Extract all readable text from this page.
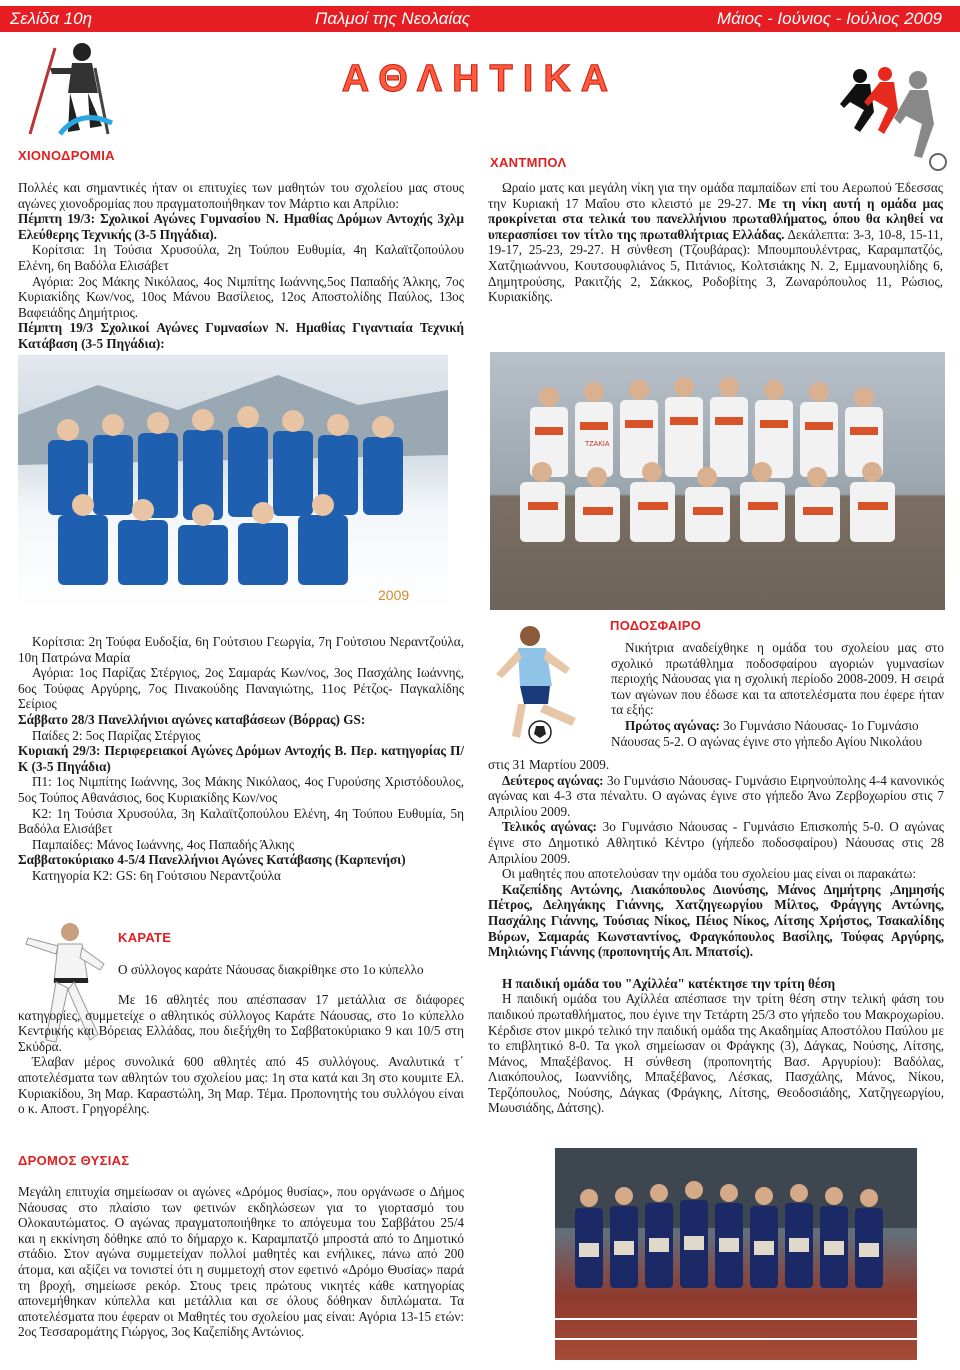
Σελίδα 10η	Παλμοί της Νεολαίας	Μάιος - Ιούνιος - Ιούλιος 2009
ΑΘΛΗΤΙΚΑ
ΧΙΟΝΟΔΡΟΜΙΑ

Πολλές και σημαντικές ήταν οι επιτυχίες των μαθητών του σχολείου μας στους αγώνες χιονοδρομίας που πραγματοποιήθηκαν τον Μάρτιο και Απρίλιο:

Πέμπτη 19/3: Σχολικοί Αγώνες Γυμνασίου Ν. Ημαθίας Δρόμων Αντοχής 3χλμ Ελεύθερης Τεχνικής (3-5 Πηγάδια).

Κορίτσια: 1η Τούσια Χρυσούλα, 2η Τούπου Ευθυμία, 4η Καλαϊτζοπούλου Ελένη, 6η Βαδόλα Ελισάβετ

Αγόρια: 2ος Μάκης Νικόλαος, 4ος Νιμπίτης Ιωάννης,5ος Παπαδής Άλκης, 7ος Κυριακίδης Κων/νος, 10ος Μάνου Βασίλειος, 12ος Αποστολίδης Παύλος, 13ος Βαφειάδης Δημήτριος.

Πέμπτη 19/3 Σχολικοί Αγώνες Γυμνασίων Ν. Ημαθίας Γιγαντιαία Τεχνική Κατάβαση (3-5 Πηγάδια):

2009

Κορίτσια: 2η Τούφα Ευδοξία, 6η Γούτσιου Γεωργία, 7η Γούτσιου Νεραντζούλα, 10η Πατρώνα Μαρία

Αγόρια: 1ος Παρίζας Στέργιος, 2ος Σαμαράς Κων/νος, 3ος Πασχάλης Ιωάννης, 6ος Τούφας Αργύρης, 7ος Πινακούδης Παναγιώτης, 11ος Ρέτζος- Παγκαλίδης Σείριος

Σάββατο 28/3 Πανελλήνιοι αγώνες καταβάσεων (Βόρρας) GS:

Παίδες 2: 5ος Παρίζας Στέργιος

Κυριακή 29/3: Περιφερειακοί Αγώνες Δρόμων Αντοχής Β. Περ. κατηγορίας Π/Κ (3-5 Πηγάδια)

Π1: 1ος Νιμπίτης Ιωάννης, 3ος Μάκης Νικόλαος, 4ος Γυρούσης Χριστόδουλος, 5ος Τούπος Αθανάσιος, 6ος Κυριακίδης Κων/νος

Κ2: 1η Τούσια Χρυσούλα, 3η Καλαϊτζοπούλου Ελένη, 4η Τούπου Ευθυμία, 5η Βαδόλα Ελισάβετ

Παμπαίδες: Μάνος Ιωάννης, 4ος Παπαδής Άλκης

Σαββατοκύριακο 4-5/4 Πανελλήνιοι Αγώνες Κατάβασης (Καρπενήσι)

Κατηγορία Κ2: GS: 6η Γούτσιου Νεραντζούλα

ΧΑΝΤΜΠΟΛ

Ωραίο ματς και μεγάλη νίκη για την ομάδα παμπαίδων επί του Αερωπού Έδεσσας την Κυριακή 17 Μαΐου στο κλειστό με 29-27. Με τη νίκη αυτή η ομάδα μας προκρίνεται στα τελικά του πανελλήνιου πρωταθλήματος, όπου θα κληθεί να υπερασπίσει τον τίτλο της πρωταθλήτριας Ελλάδας. Δεκάλεπτα: 3-3, 10-8, 15-11, 19-17, 25-23, 29-27. Η σύνθεση (Τζουβάρας): Μπουμπουλέντρας, Καραμπατζός, Χατζηιωάννου, Κουτσουφλιάνος 5, Πιτάνιος, Κολτσιάκης Ν. 2, Εμμανουηλίδης 6, Δημητρούσης, Ρακιτζής 2, Σάκκος, Ροδοβίτης 3, Ζωναρόπουλος 11, Ρώσιος, Κυριακίδης.

ΤΖΑΚΙΑ
ΠΟΔΟΣΦΑΙΡΟ

Νικήτρια αναδείχθηκε η ομάδα του σχολείου μας στο σχολικό πρωτάθλημα ποδοσφαίρου αγοριών γυμνασίων περιοχής Νάουσας για η σχολική περίοδο 2008-2009. Η σειρά των αγώνων που έδωσε και τα αποτελέσματα που έφερε ήταν τα εξής:

Πρώτος αγώνας: 3ο Γυμνάσιο Νάουσας- 1ο Γυμνάσιο

Νάουσας 5-2. Ο αγώνας έγινε στο γήπεδο Αγίου Νικολάου

στις 31 Μαρτίου 2009.

Δεύτερος αγώνας: 3ο Γυμνάσιο Νάουσας- Γυμνάσιο Ειρηνούπολης 4-4 κανονικός αγώνας και 4-3 στα πέναλτυ. Ο αγώνας έγινε στο γήπεδο Άνω Ζερβοχωρίου στις 7 Απριλίου 2009.

Τελικός αγώνας: 3ο Γυμνάσιο Νάουσας - Γυμνάσιο Επισκοπής 5-0. Ο αγώνας έγινε στο Δημοτικό Αθλητικό Κέντρο (γήπεδο ποδοσφαίρου) Νάουσας στις 28 Απριλίου 2009.

Οι μαθητές που αποτελούσαν την ομάδα του σχολείου μας είναι οι παρακάτω:

Καζεπίδης Αντώνης, Λιακόπουλος Διονύσης, Μάνος Δημήτρης ,Δημησής Πέτρος, Δεληγάκης Γιάννης, Χατζηγεωργίου Μίλτος, Φράγγης Αντώνης, Πασχάλης Γιάννης, Τούσιας Νίκος, Πέιος Νίκος, Λίτσης Χρήστος, Τσακαλίδης Βύρων, Σαμαράς Κωνσταντίνος, Φραγκόπουλος Βασίλης, Τούφας Αργύρης, Μηλιώνης Γιάννης (προπονητής Απ. Μπατσίς).

Η παιδική ομάδα του "Αχίλλέα" κατέκτησε την τρίτη θέση

Η παιδική ομάδα του Αχίλλέα απέσπασε την τρίτη θέση στην τελική φάση του παιδικού πρωταθλήματος, που έγινε την Τετάρτη 25/3 στο γήπεδο του Μακροχωρίου. Κέρδισε στον μικρό τελικό την παιδική ομάδα της Ακαδημίας Αποστόλου Παύλου με το επιβλητικό 8-0. Τα γκολ σημείωσαν οι Φράγκης (3), Δάγκας, Νούσης, Λίτσης, Μάνος, Μπαξέβανος. Η σύνθεση (προπονητής Βασ. Αργυρίου): Βαδόλας, Λιακόπουλος, Ιωαννίδης, Μπαξέβανος, Λέσκας, Πασχάλης, Μάνος, Νίκου, Τερζόπουλος, Νούσης, Δάγκας (Φράγκης, Λίτσης, Θεοδοσιάδης, Χατζηγεωργίου, Μωυσιάδης, Δάτσης).

ΚΑΡΑΤΕ
Ο σύλλογος καράτε Νάουσας διακρίθηκε στο 1ο κύπελλο

Με 16 αθλητές που απέσπασαν 17 μετάλλια σε διάφορες κατηγορίες, συμμετείχε ο αθλητικός σύλλογος Καράτε Νάουσας, στο 1ο κύπελλο Κεντρικής και Βόρειας Ελλάδας, που διεξήχθη το Σαββατοκύριακο 9 και 10/5 στη Σκύδρα.

Έλαβαν μέρος συνολικά 600 αθλητές από 45 συλλόγους. Αναλυτικά τ΄ αποτελέσματα των αθλητών του σχολείου μας: 1η στα κατά και 3η στο κουμιτε Ελ. Κυριακίδου, 3η Μαρ. Καραστώλη, 3η Μαρ. Τέμα. Προπονητής του συλλόγου είναι ο κ. Αποστ. Γρηγορέλης.

ΔΡΟΜΟΣ ΘΥΣΙΑΣ
Μεγάλη επιτυχία σημείωσαν οι αγώνες «Δρόμος θυσίας», που οργάνωσε ο Δήμος Νάουσας στο πλαίσιο των φετινών εκδηλώσεων για το γιορτασμό του Ολοκαυτώματος. Ο αγώνας πραγματοποιήθηκε το απόγευμα του Σαββάτου 25/4 και η εκκίνηση δόθηκε από το δήμαρχο κ. Καραμπατζό μπροστά από το Δημοτικό στάδιο. Στον αγώνα συμμετείχαν πολλοί μαθητές και ενήλικες, πάνω από 200 άτομα, και αξίζει να τονιστεί ότι η συμμετοχή στον εφετινό «Δρόμο Θυσίας» παρά τη βροχή, σημείωσε ρεκόρ. Στους τρεις πρώτους νικητές κάθε κατηγορίας απονεμήθηκαν κύπελλα και μετάλλια και σε όλους δόθηκαν διπλώματα. Τα αποτελέσματα που έφεραν οι Μαθητές του σχολείου μας είναι: Αγόρια 13-15 ετών: 2ος Τεσσαρομάτης Γιώργος, 3ος Καζεπίδης Αντώνιος.
